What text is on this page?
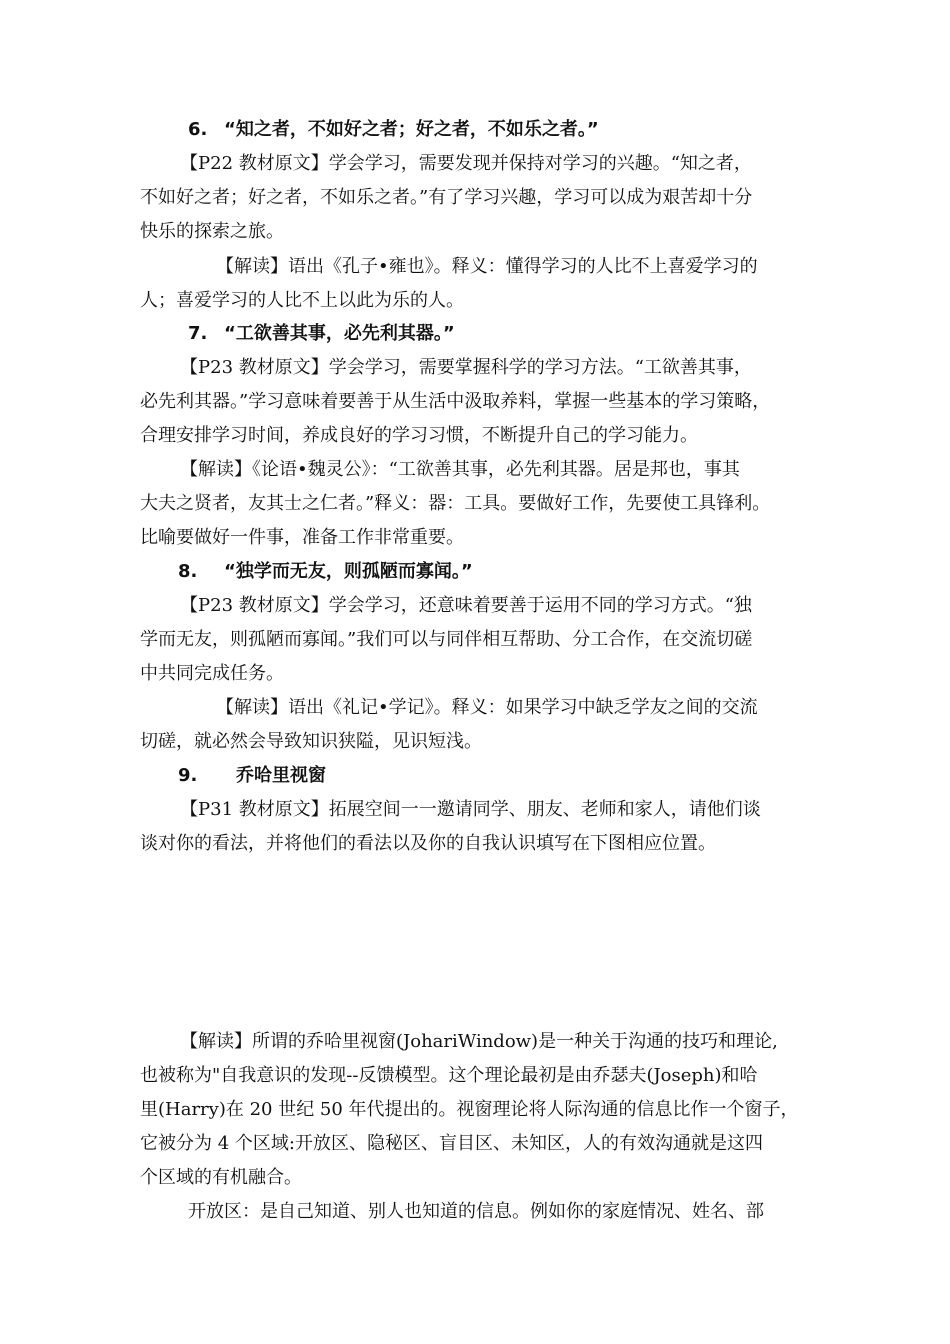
6. “知之者，不如好之者；好之者，不如乐之者。”
【P22 教材原文】学会学习，需要发现并保持对学习的兴趣。“知之者，
不如好之者；好之者，不如乐之者。”有了学习兴趣，学习可以成为艰苦却十分
快乐的探索之旅。
【解读】语出《孔子•雍也》。释义：懂得学习的人比不上喜爱学习的
人；喜爱学习的人比不上以此为乐的人。
7. “工欲善其事，必先利其器。”
【P23 教材原文】学会学习，需要掌握科学的学习方法。“工欲善其事，
必先利其器。”学习意味着要善于从生活中汲取养料，掌握一些基本的学习策略，
合理安排学习时间，养成良好的学习习惯，不断提升自己的学习能力。
【解读】《论语•魏灵公》：“工欲善其事，必先利其器。居是邦也，事其
大夫之贤者，友其士之仁者。”释义：器：工具。要做好工作，先要使工具锋利。
比喻要做好一件事，准备工作非常重要。
8. “独学而无友，则孤陋而寡闻。”
【P23 教材原文】学会学习，还意味着要善于运用不同的学习方式。“独
学而无友，则孤陋而寡闻。”我们可以与同伴相互帮助、分工合作，在交流切磋
中共同完成任务。
【解读】语出《礼记•学记》。释义：如果学习中缺乏学友之间的交流
切磋，就必然会导致知识狭隘，见识短浅。
9. 乔哈里视窗
【P31 教材原文】拓展空间一一邀请同学、朋友、老师和家人，请他们谈
谈对你的看法，并将他们的看法以及你的自我认识填写在下图相应位置。
【解读】所谓的乔哈里视窗(JohariWindow)是一种关于沟通的技巧和理论,
也被称为"自我意识的发现--反馈模型。这个理论最初是由乔瑟夫(Joseph)和哈
里(Harry)在 20 世纪 50 年代提出的。视窗理论将人际沟通的信息比作一个窗子，
它被分为 4 个区域:开放区、隐秘区、盲目区、未知区，人的有效沟通就是这四
个区域的有机融合。
开放区：是自己知道、别人也知道的信息。例如你的家庭情况、姓名、部
